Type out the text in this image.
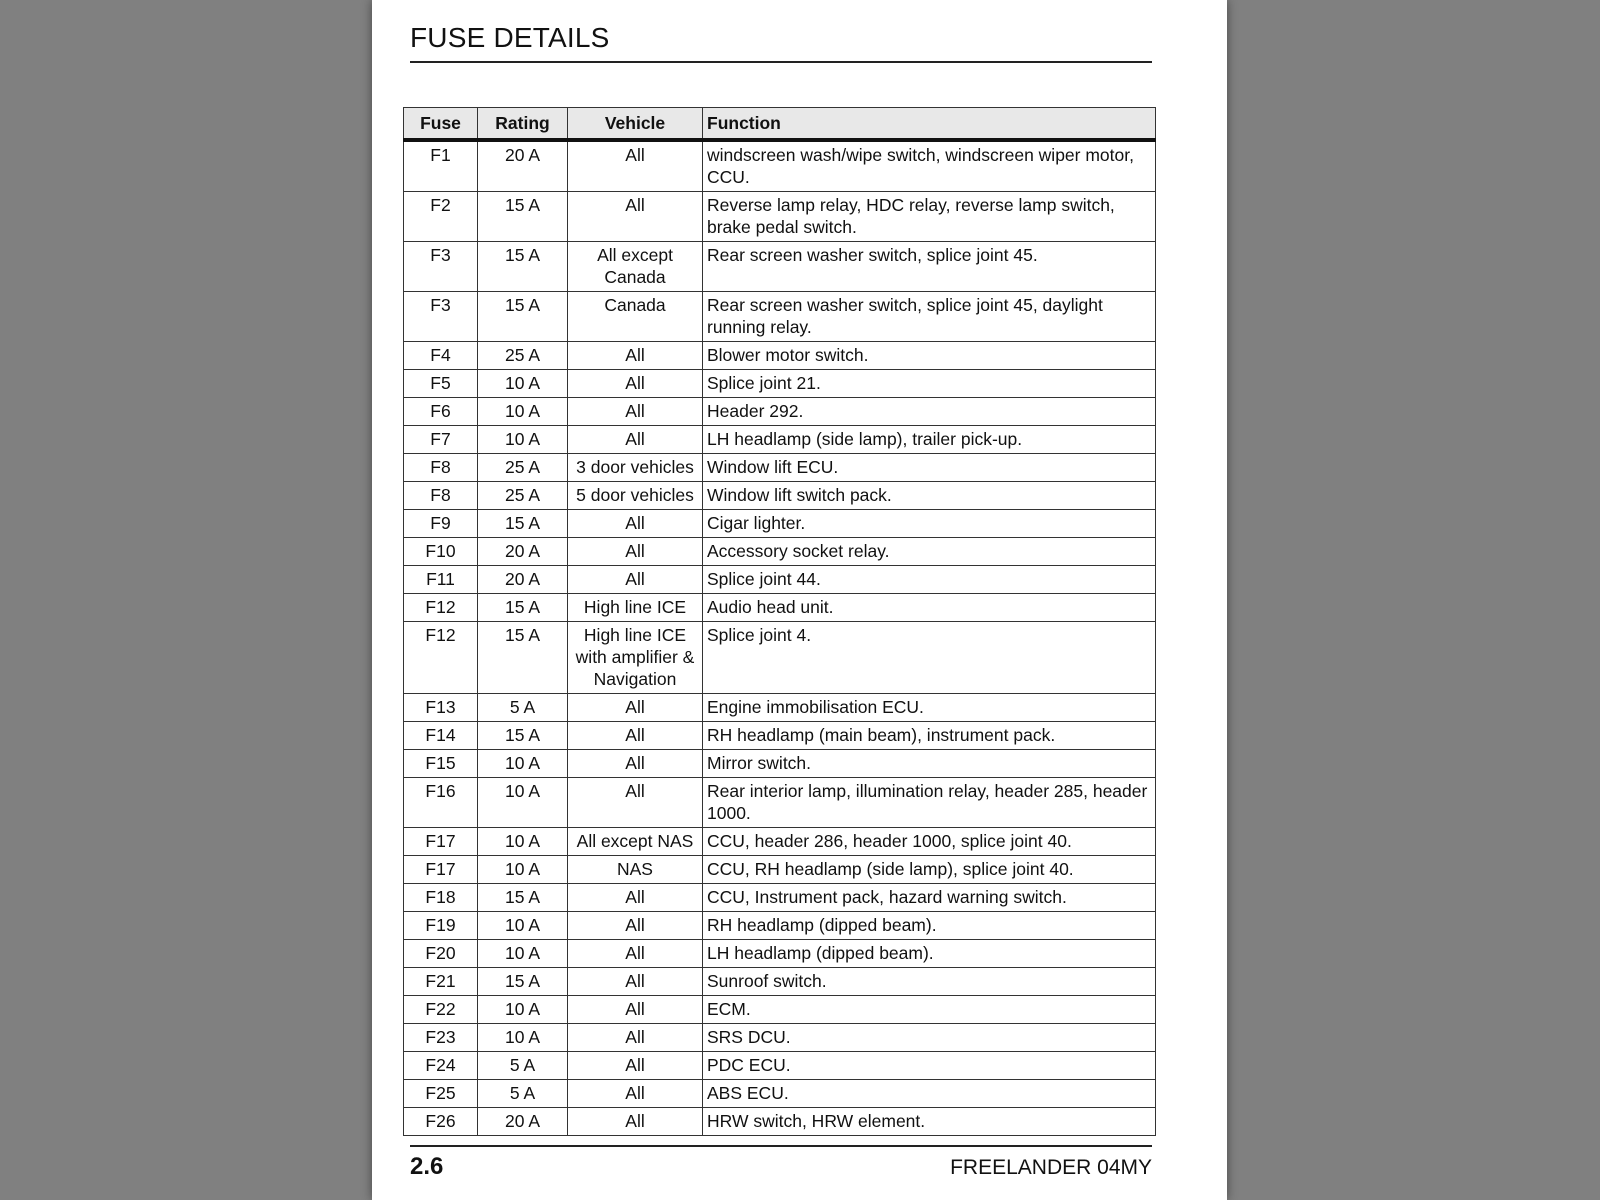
FUSE DETAILS
Fuse	Rating	Vehicle	Function
F1	20 A	All	windscreen wash/wipe switch, windscreen wiper motor, CCU.
F2	15 A	All	Reverse lamp relay, HDC relay, reverse lamp switch, brake pedal switch.
F3	15 A	All except Canada	Rear screen washer switch, splice joint 45.
F3	15 A	Canada	Rear screen washer switch, splice joint 45, daylight running relay.
F4	25 A	All	Blower motor switch.
F5	10 A	All	Splice joint 21.
F6	10 A	All	Header 292.
F7	10 A	All	LH headlamp (side lamp), trailer pick-up.
F8	25 A	3 door vehicles	Window lift ECU.
F8	25 A	5 door vehicles	Window lift switch pack.
F9	15 A	All	Cigar lighter.
F10	20 A	All	Accessory socket relay.
F11	20 A	All	Splice joint 44.
F12	15 A	High line ICE	Audio head unit.
F12	15 A	High line ICE with amplifier & Navigation	Splice joint 4.
F13	5 A	All	Engine immobilisation ECU.
F14	15 A	All	RH headlamp (main beam), instrument pack.
F15	10 A	All	Mirror switch.
F16	10 A	All	Rear interior lamp, illumination relay, header 285, header 1000.
F17	10 A	All except NAS	CCU, header 286, header 1000, splice joint 40.
F17	10 A	NAS	CCU, RH headlamp (side lamp), splice joint 40.
F18	15 A	All	CCU, Instrument pack, hazard warning switch.
F19	10 A	All	RH headlamp (dipped beam).
F20	10 A	All	LH headlamp (dipped beam).
F21	15 A	All	Sunroof switch.
F22	10 A	All	ECM.
F23	10 A	All	SRS DCU.
F24	5 A	All	PDC ECU.
F25	5 A	All	ABS ECU.
F26	20 A	All	HRW switch, HRW element.
2.6	FREELANDER 04MY
